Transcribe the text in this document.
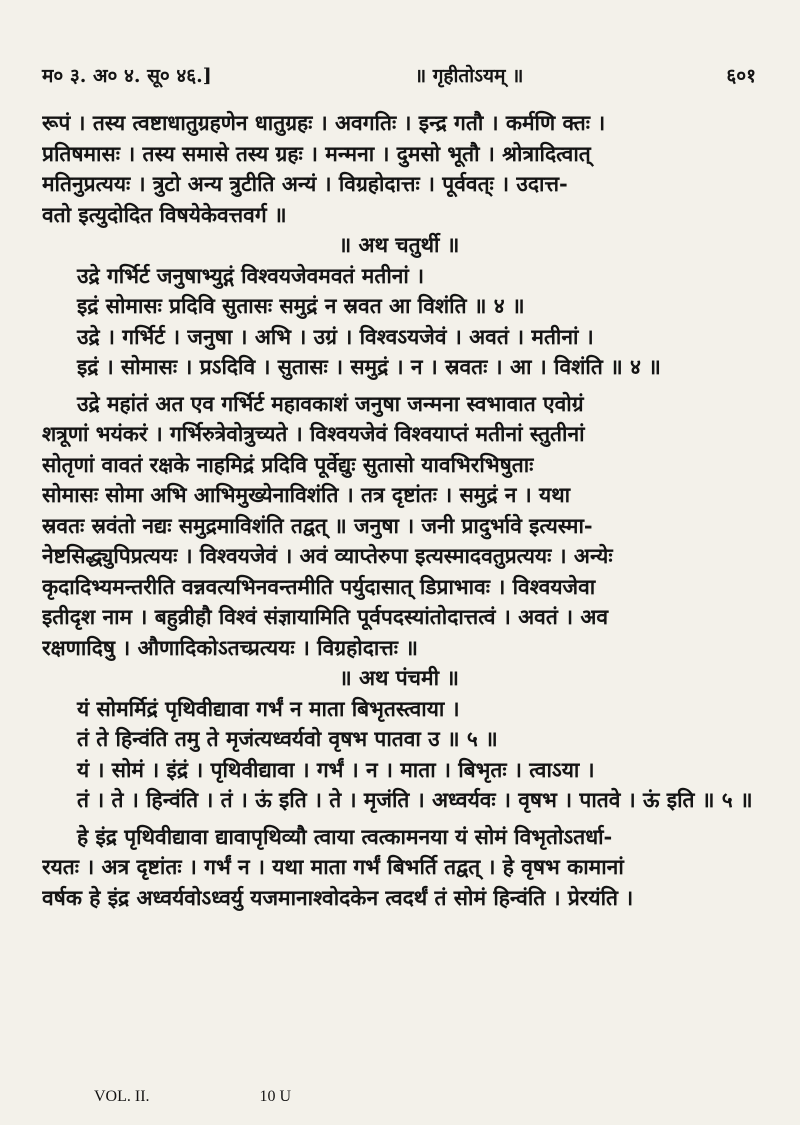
म० ३. अ० ४. सू० ४६.]	॥ गृहीतोऽयम्‌ ॥	६०१

रूपं । तस्य त्वष्टाधातुग्रहणेन धातुग्रहः । अवगतिः । इन्द्र गतौ । कर्मणि क्तः ।

प्रतिषमासः । तस्य समासे तस्य ग्रहः । मन्मना । दुमसो भूतौ । श्रोत्रादित्वात्

मतिनुप्रत्ययः । त्रुटो अन्य त्रुटीति अन्यं । विग्रहोदात्तः । पूर्ववत्‌ः । उदात्त-

वतो इत्युदोदित विषयेकेवत्तवर्ग ॥

॥ अथ चतुर्थी ॥

उद्रे गर्भिर्ट जनुषाभ्युद्गं विश्वयजेवमवतं मतीनां ।

इद्रं सोमासः प्रदिवि सुतासः समुद्रं न स्रवत आ विशंति ॥ ४ ॥

उद्रे । गर्भिर्ट । जनुषा । अभि । उग्रं । विश्वऽयजेवं । अवतं । मतीनां ।

इद्रं । सोमासः । प्रऽदिवि । सुतासः । समुद्रं । न । स्रवतः । आ । विशंति ॥ ४ ॥

उद्रे महांतं अत एव गर्भिर्ट महावकाशं जनुषा जन्मना स्वभावात एवोग्रं

शत्रूणां भयंकरं । गर्भिरुत्रेवोत्रुच्यते । विश्वयजेवं विश्वयाप्तं मतीनां स्तुतीनां

सोतृणां वावतं रक्षके नाहमिद्रं प्रदिवि पूर्वेद्युः सुतासो यावभिरभिषुताः

सोमासः सोमा अभि आभिमुख्येनाविशंति । तत्र दृष्टांतः । समुद्रं न । यथा

स्रवतः स्रवंतो नद्यः समुद्रमाविशंति तद्वत्‌ ॥ जनुषा । जनी प्रादुर्भावे इत्यस्मा-

नेष्टसिद्ध्युपिप्रत्ययः । विश्वयजेवं । अवं व्याप्तेरुपा इत्यस्मादवतुप्रत्ययः । अन्येः

कृदादिभ्यमन्तरीति वन्नवत्यभिनवन्तमीति पर्युदासात्‌ डिप्राभावः । विश्वयजेवा

इतीदृश नाम । बहुव्रीहौ विश्वं संज्ञायामिति पूर्वपदस्यांतोदात्तत्वं । अवतं । अव

रक्षणादिषु । औणादिकोऽतच्प्रत्ययः । विग्रहोदात्तः ॥

॥ अथ पंचमी ॥

यं सोमर्मिद्रं पृथिवीद्यावा गर्भं न माता बिभृतस्त्वाया ।

तं ते हिन्वंति तमु ते मृजंत्यध्वर्यवो वृषभ पातवा उ ॥ ५ ॥

यं । सोमं । इंद्रं । पृथिवीद्यावा । गर्भं । न । माता । बिभृतः । त्वाऽया ।

तं । ते । हिन्वंति । तं । ऊं इति । ते । मृजंति । अध्वर्यवः । वृषभ । पातवे । ऊं इति ॥ ५ ॥

हे इंद्र पृथिवीद्यावा द्यावापृथिव्यौ त्वाया त्वत्कामनया यं सोमं विभृतोऽतर्धा-

रयतः । अत्र दृष्टांतः । गर्भं न । यथा माता गर्भं बिभर्ति तद्वत्‌ । हे वृषभ कामानां

वर्षक हे इंद्र अध्वर्यवोऽध्वर्यु यजमानाश्वोदकेन त्वदर्थं तं सोमं हिन्वंति । प्रेरयंति ।

VOL. II.	10 U
